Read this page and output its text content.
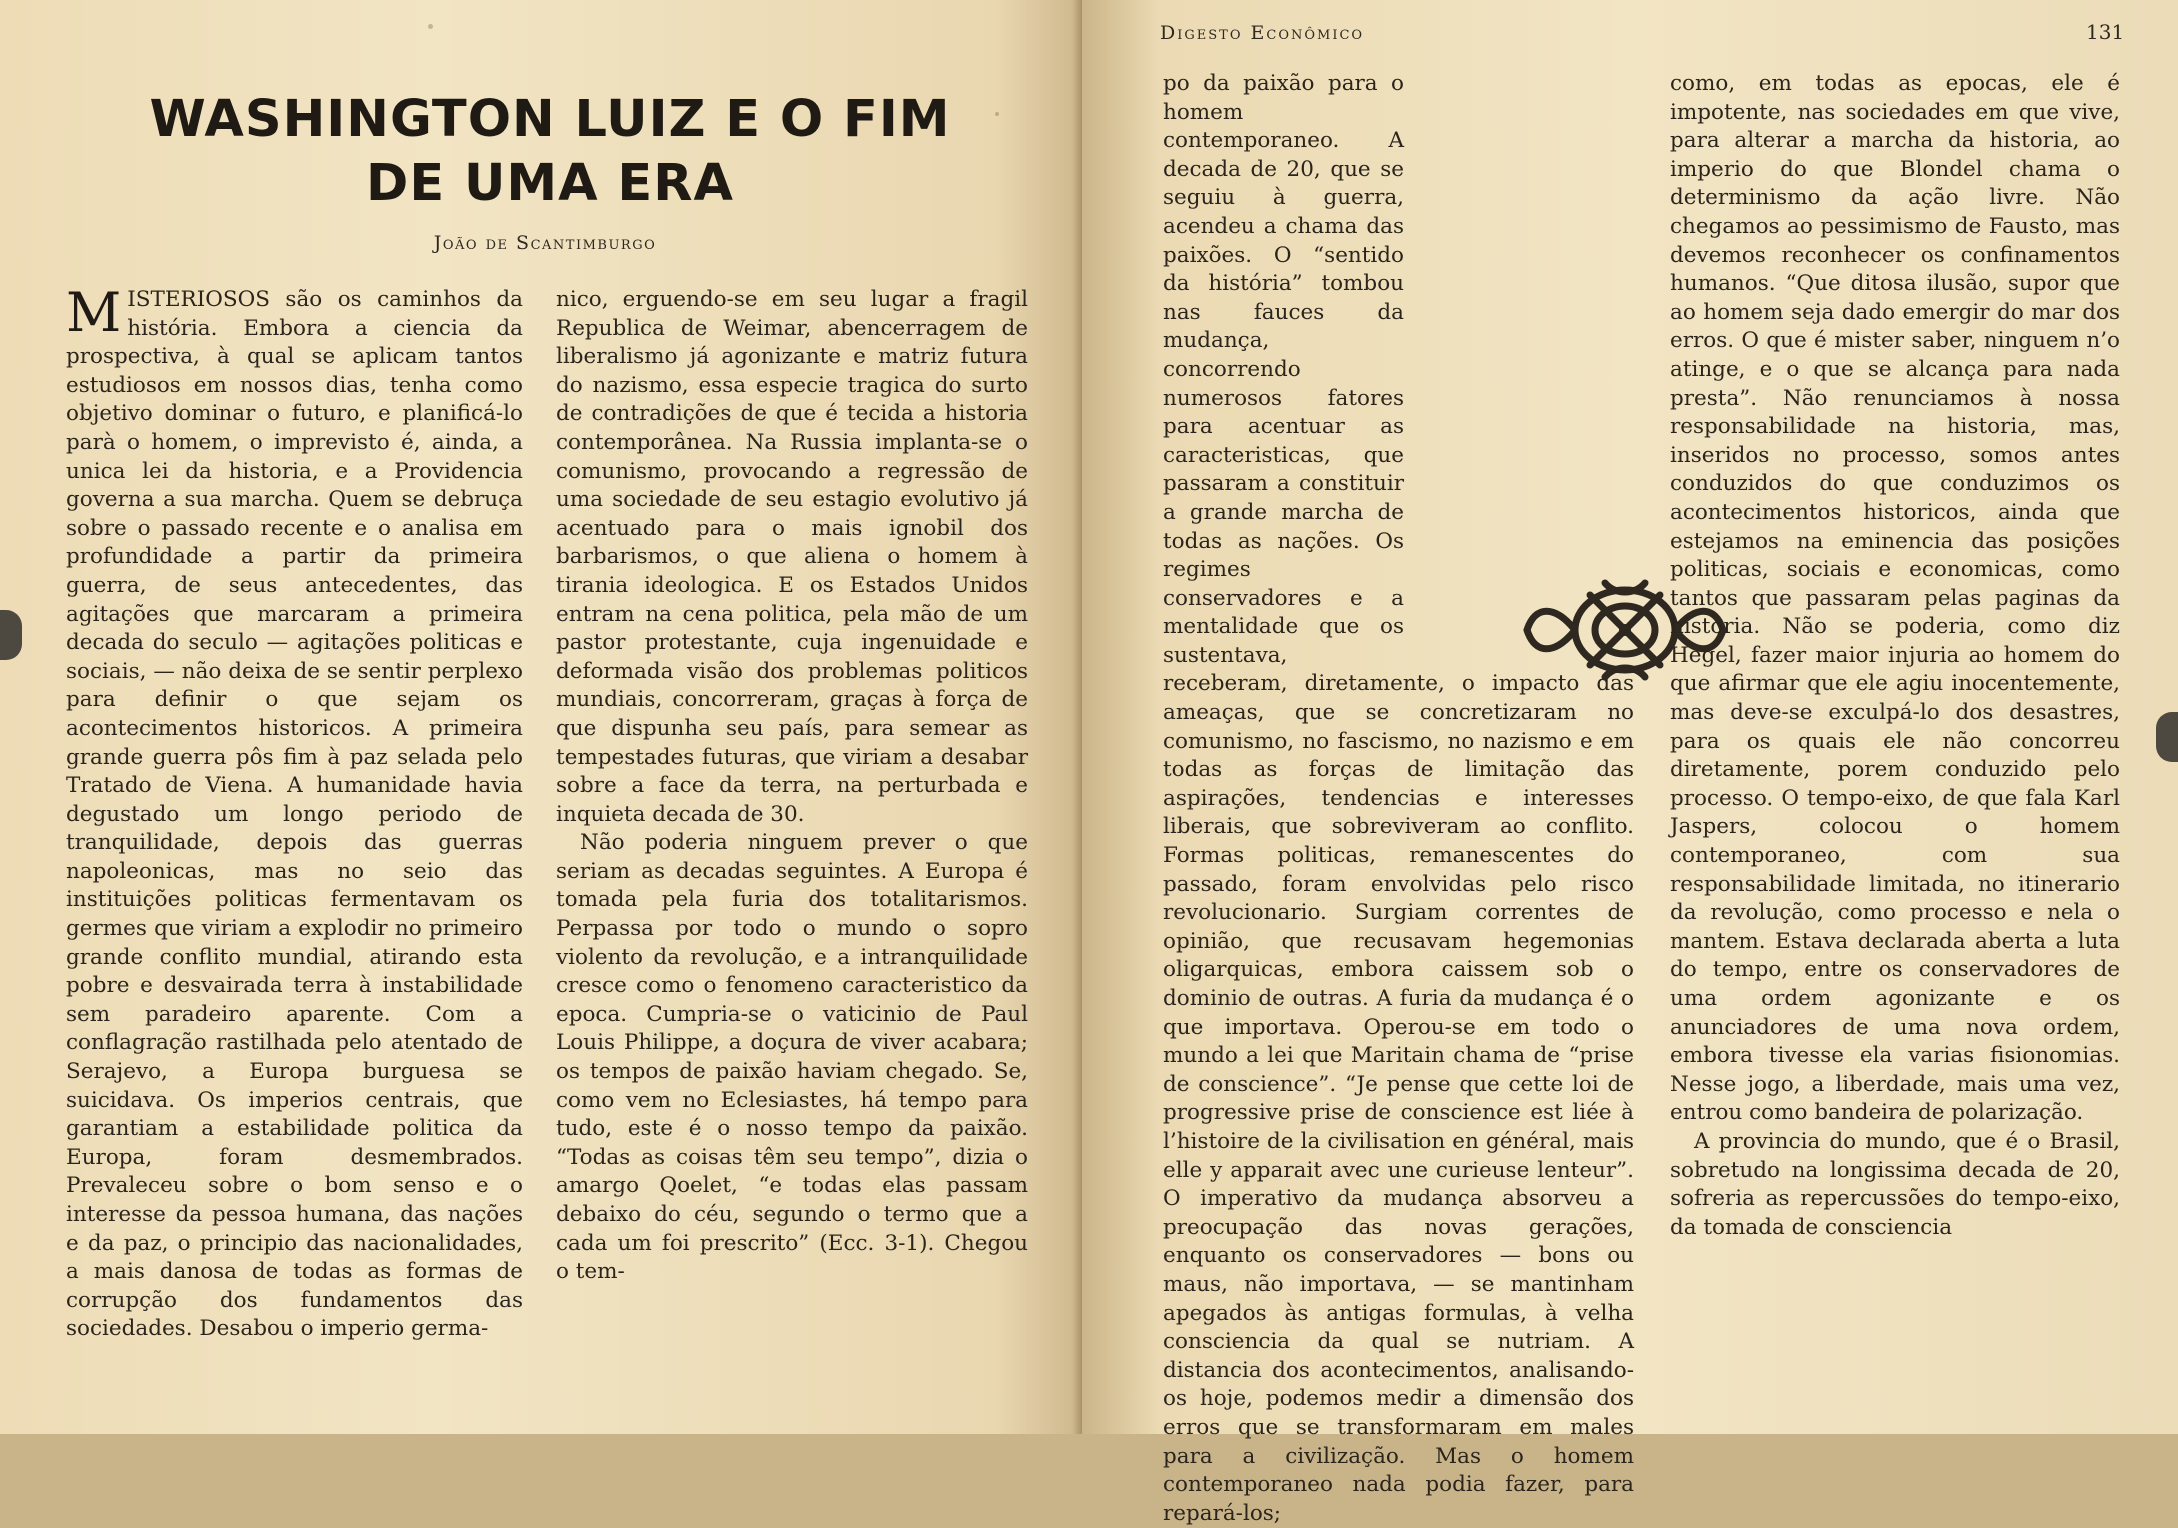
WASHINGTON LUIZ E O FIM DE UMA ERA
João de Scantimburgo

MISTERIOSOS são os caminhos da história. Embora a ciencia da prospectiva, à qual se aplicam tantos estudiosos em nossos dias, tenha como objetivo dominar o futuro, e planificá-lo parà o homem, o imprevisto é, ainda, a unica lei da historia, e a Providencia governa a sua marcha. Quem se debruça sobre o passado recente e o analisa em profundidade a partir da primeira guerra, de seus antecedentes, das agitações que marcaram a primeira decada do seculo — agitações politicas e sociais, — não deixa de se sentir perplexo para definir o que sejam os acontecimentos historicos. A primeira grande guerra pôs fim à paz selada pelo Tratado de Viena. A humanidade havia degustado um longo periodo de tranquilidade, depois das guerras napoleonicas, mas no seio das instituições politicas fermentavam os germes que viriam a explodir no primeiro grande conflito mundial, atirando esta pobre e desvairada terra à instabilidade sem paradeiro aparente. Com a conflagração rastilhada pelo atentado de Serajevo, a Europa burguesa se suicidava. Os imperios centrais, que garantiam a estabilidade politica da Europa, foram desmembrados. Prevaleceu sobre o bom senso e o interesse da pessoa humana, das nações e da paz, o principio das nacionalidades, a mais danosa de todas as formas de corrupção dos fundamentos das sociedades. Desabou o imperio germa-

nico, erguendo-se em seu lugar a fragil Republica de Weimar, abencerragem de liberalismo já agonizante e matriz futura do nazismo, essa especie tragica do surto de contradições de que é tecida a historia contemporânea. Na Russia implanta-se o comunismo, provocando a regressão de uma sociedade de seu estagio evolutivo já acentuado para o mais ignobil dos barbarismos, o que aliena o homem à tirania ideologica. E os Estados Unidos entram na cena politica, pela mão de um pastor protestante, cuja ingenuidade e deformada visão dos problemas politicos mundiais, concorreram, graças à força de que dispunha seu país, para semear as tempestades futuras, que viriam a desabar sobre a face da terra, na perturbada e inquieta decada de 30.

Não poderia ninguem prever o que seriam as decadas seguintes. A Europa é tomada pela furia dos totalitarismos. Perpassa por todo o mundo o sopro violento da revolução, e a intranquilidade cresce como o fenomeno caracteristico da epoca. Cumpria-se o vaticinio de Paul Louis Philippe, a doçura de viver acabara; os tempos de paixão haviam chegado. Se, como vem no Eclesiastes, há tempo para tudo, este é o nosso tempo da paixão. “Todas as coisas têm seu tempo”, dizia o amargo Qoelet, “e todas elas passam debaixo do céu, segundo o termo que a cada um foi prescrito” (Ecc. 3-1). Chegou o tem-

Digesto Econômico	131

po da paixão para o homem contemporaneo. A decada de 20, que se seguiu à guerra, acendeu a chama das paixões. O “sentido da história” tombou nas fauces da mudança, concorrendo numerosos fatores para acentuar as caracteristicas, que passaram a constituir a grande marcha de todas as nações. Os regimes conservadores e a mentalidade que os sustentava, receberam, diretamente, o impacto das ameaças, que se concretizaram no comunismo, no fascismo, no nazismo e em todas as forças de limitação das aspirações, tendencias e interesses liberais, que sobreviveram ao conflito. Formas politicas, remanescentes do passado, foram envolvidas pelo risco revolucionario. Surgiam correntes de opinião, que recusavam hegemonias oligarquicas, embora caissem sob o dominio de outras. A furia da mudança é o que importava. Operou-se em todo o mundo a lei que Maritain chama de “prise de conscience”. “Je pense que cette loi de progressive prise de conscience est liée à l’histoire de la civilisation en général, mais elle y apparait avec une curieuse lenteur”. O imperativo da mudança absorveu a preocupação das novas gerações, enquanto os conservadores — bons ou maus, não importava, — se mantinham apegados às antigas formulas, à velha consciencia da qual se nutriam. A distancia dos acontecimentos, analisando-os hoje, podemos medir a dimensão dos erros que se transformaram em males para a civilização. Mas o homem contemporaneo nada podia fazer, para repará-los;

como, em todas as epocas, ele é impotente, nas sociedades em que vive, para alterar a marcha da historia, ao imperio do que Blondel chama o determinismo da ação livre. Não chegamos ao pessimismo de Fausto, mas devemos reconhecer os confinamentos humanos. “Que ditosa ilusão, supor que ao homem seja dado emergir do mar dos erros. O que é mister saber, ninguem n’o atinge, e o que se alcança para nada presta”. Não renunciamos à nossa responsabilidade na historia, mas, inseridos no processo, somos antes conduzidos do que conduzimos os acontecimentos historicos, ainda que estejamos na eminencia das posições politicas, sociais e economicas, como tantos que passaram pelas paginas da historia. Não se poderia, como diz Hegel, fazer maior injuria ao homem do que afirmar que ele agiu inocentemente, mas deve-se exculpá-lo dos desastres, para os quais ele não concorreu diretamente, porem conduzido pelo processo. O tempo-eixo, de que fala Karl Jaspers, colocou o homem contemporaneo, com sua responsabilidade limitada, no itinerario da revolução, como processo e nela o mantem. Estava declarada aberta a luta do tempo, entre os conservadores de uma ordem agonizante e os anunciadores de uma nova ordem, embora tivesse ela varias fisionomias. Nesse jogo, a liberdade, mais uma vez, entrou como bandeira de polarização.

A provincia do mundo, que é o Brasil, sobretudo na longissima decada de 20, sofreria as repercussões do tempo-eixo, da tomada de consciencia
